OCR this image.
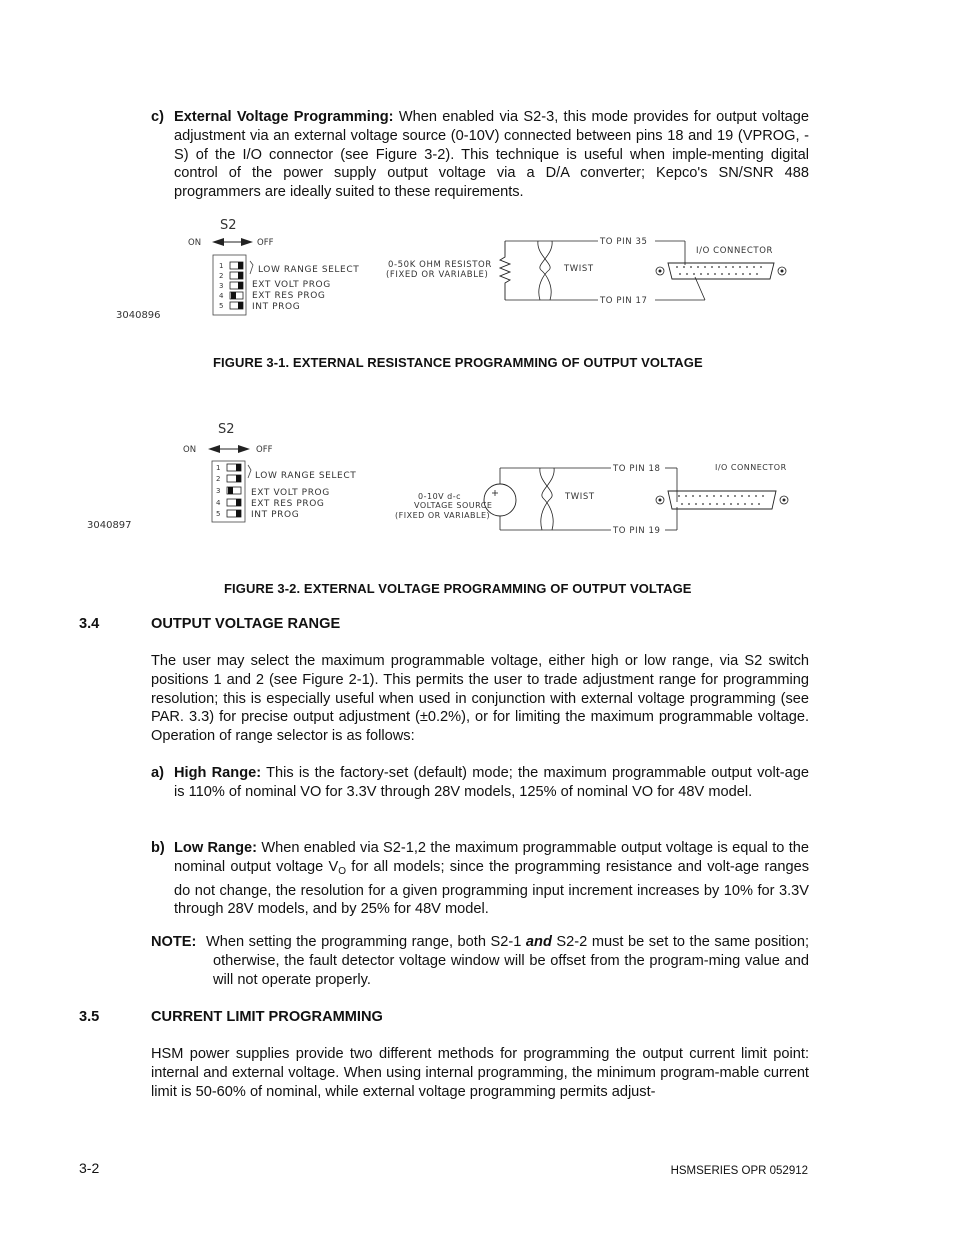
c) External Voltage Programming: When enabled via S2-3, this mode provides for output voltage adjustment via an external voltage source (0-10V) connected between pins 18 and 19 (VPROG, -S) of the I/O connector (see Figure 3-2). This technique is useful when imple-menting digital control of the power supply output voltage via a D/A converter; Kepco's SN/SNR 488 programmers are ideally suited to these requirements.
S2
ON	OFF
1
2
3
4
5
LOW RANGE SELECT
EXT VOLT PROG
EXT RES PROG
INT PROG
3040896
0-50K OHM RESISTOR
(FIXED OR VARIABLE)
TWIST
TO PIN 35
TO PIN 17
I/O CONNECTOR
FIGURE 3-1. EXTERNAL RESISTANCE PROGRAMMING OF OUTPUT VOLTAGE
S2
ON	OFF
1
2
3
4
5
LOW RANGE SELECT
EXT VOLT PROG
EXT RES PROG
INT PROG
3040897
0-10V d-c
VOLTAGE SOURCE
(FIXED OR VARIABLE)
TWIST
TO PIN 18
TO PIN 19
I/O CONNECTOR
FIGURE 3-2. EXTERNAL VOLTAGE PROGRAMMING OF OUTPUT VOLTAGE
3.4	OUTPUT VOLTAGE RANGE
The user may select the maximum programmable voltage, either high or low range, via S2 switch positions 1 and 2 (see Figure 2-1). This permits the user to trade adjustment range for programming resolution; this is especially useful when used in conjunction with external voltage programming (see PAR. 3.3) for precise output adjustment (±0.2%), or for limiting the maximum programmable voltage. Operation of range selector is as follows:
a) High Range: This is the factory-set (default) mode; the maximum programmable output volt-age is 110% of nominal VO for 3.3V through 28V models, 125% of nominal VO for 48V model.
b) Low Range: When enabled via S2-1,2 the maximum programmable output voltage is equal to the nominal output voltage $V_O$ for all models; since the programming resistance and volt-age ranges do not change, the resolution for a given programming input increment increases by 10% for 3.3V through 28V models, and by 25% for 48V model.
NOTE: When setting the programming range, both S2-1 and S2-2 must be set to the same position; otherwise, the fault detector voltage window will be offset from the program-ming value and will not operate properly.
3.5	CURRENT LIMIT PROGRAMMING
HSM power supplies provide two different methods for programming the output current limit point: internal and external voltage. When using internal programming, the minimum program-mable current limit is 50-60% of nominal, while external voltage programming permits adjust-
3-2	HSMSERIES OPR 052912
